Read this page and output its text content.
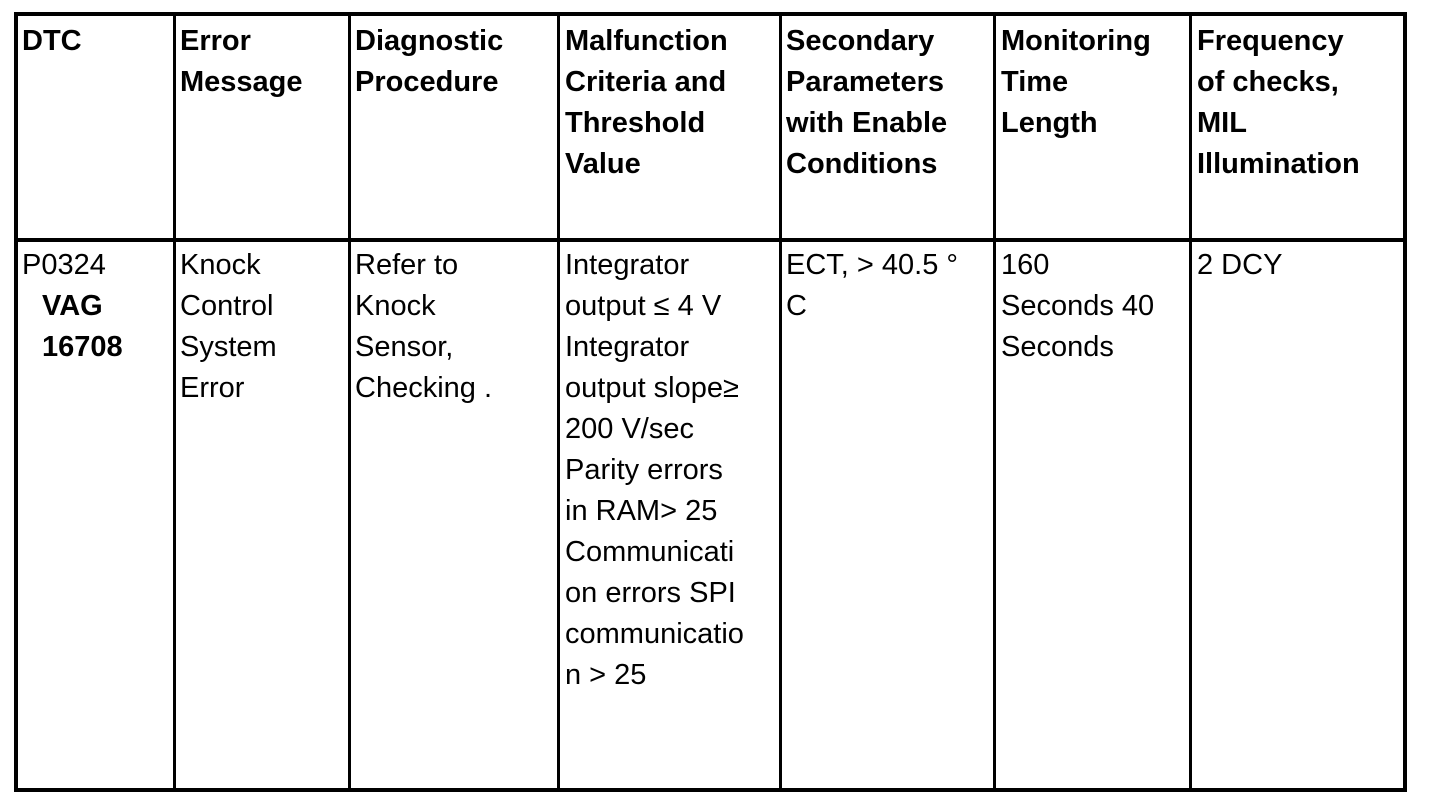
DTC	Error
Message
Diagnostic
Procedure
Malfunction
Criteria and
Threshold
Value
Secondary
Parameters
with Enable
Conditions
Monitoring
Time
Length
Frequency
of checks,
MIL
Illumination
P0324
VAG
16708
Knock
Control
System
Error
Refer to
Knock
Sensor,
Checking .
Integrator
output ≤ 4 V
Integrator
output slope≥
200 V/sec
Parity errors
in RAM> 25
Communicati
on errors SPI
communicatio
n > 25
ECT, > 40.5 °
C
160
Seconds 40
Seconds
2 DCY
